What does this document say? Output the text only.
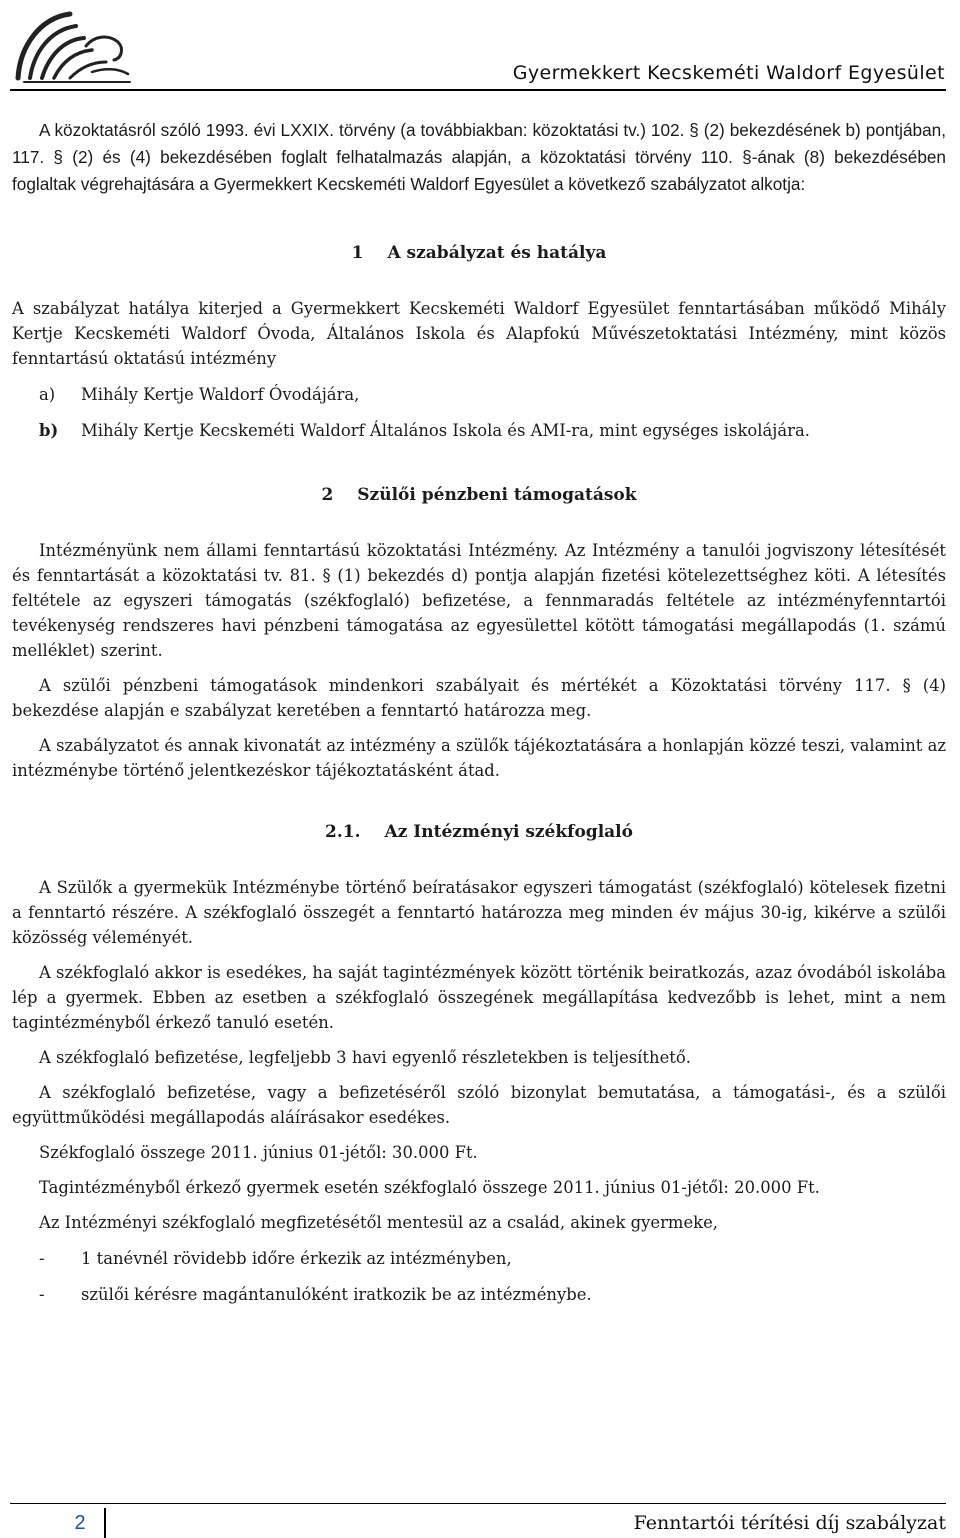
Gyermekkert Kecskeméti Waldorf Egyesület

A közoktatásról szóló 1993. évi LXXIX. törvény (a továbbiakban: közoktatási tv.) 102. § (2) bekezdésének b) pontjában, 117. § (2) és (4) bekezdésében foglalt felhatalmazás alapján, a közoktatási törvény 110. §-ának (8) bekezdésében foglaltak végrehajtására a Gyermekkert Kecskeméti Waldorf Egyesület a következő szabályzatot alkotja:

1 A szabályzat és hatálya

A szabályzat hatálya kiterjed a Gyermekkert Kecskeméti Waldorf Egyesület fenntartásában működő Mihály Kertje Kecskeméti Waldorf Óvoda, Általános Iskola és Alapfokú Művészetoktatási Intézmény, mint közös fenntartású oktatású intézmény

a)	Mihály Kertje Waldorf Óvodájára,
b)	Mihály Kertje Kecskeméti Waldorf Általános Iskola és AMI-ra, mint egységes iskolájára.

2 Szülői pénzbeni támogatások

Intézményünk nem állami fenntartású közoktatási Intézmény. Az Intézmény a tanulói jogviszony létesítését és fenntartását a közoktatási tv. 81. § (1) bekezdés d) pontja alapján fizetési kötelezettséghez köti. A létesítés feltétele az egyszeri támogatás (székfoglaló) befizetése, a fennmaradás feltétele az intézményfenntartói tevékenység rendszeres havi pénzbeni támogatása az egyesülettel kötött támogatási megállapodás (1. számú melléklet) szerint.

A szülői pénzbeni támogatások mindenkori szabályait és mértékét a Közoktatási törvény 117. § (4) bekezdése alapján e szabályzat keretében a fenntartó határozza meg.

A szabályzatot és annak kivonatát az intézmény a szülők tájékoztatására a honlapján közzé teszi, valamint az intézménybe történő jelentkezéskor tájékoztatásként átad.

2.1. Az Intézményi székfoglaló

A Szülők a gyermekük Intézménybe történő beíratásakor egyszeri támogatást (székfoglaló) kötelesek fizetni a fenntartó részére. A székfoglaló összegét a fenntartó határozza meg minden év május 30-ig, kikérve a szülői közösség véleményét.

A székfoglaló akkor is esedékes, ha saját tagintézmények között történik beiratkozás, azaz óvodából iskolába lép a gyermek. Ebben az esetben a székfoglaló összegének megállapítása kedvezőbb is lehet, mint a nem tagintézményből érkező tanuló esetén.

A székfoglaló befizetése, legfeljebb 3 havi egyenlő részletekben is teljesíthető.

A székfoglaló befizetése, vagy a befizetéséről szóló bizonylat bemutatása, a támogatási-, és a szülői együttműködési megállapodás aláírásakor esedékes.

Székfoglaló összege 2011. június 01-jétől: 30.000 Ft.

Tagintézményből érkező gyermek esetén székfoglaló összege 2011. június 01-jétől: 20.000 Ft.

Az Intézményi székfoglaló megfizetésétől mentesül az a család, akinek gyermeke,

-	1 tanévnél rövidebb időre érkezik az intézményben,
-	szülői kérésre magántanulóként iratkozik be az intézménybe.
2	Fenntartói térítési díj szabályzat
